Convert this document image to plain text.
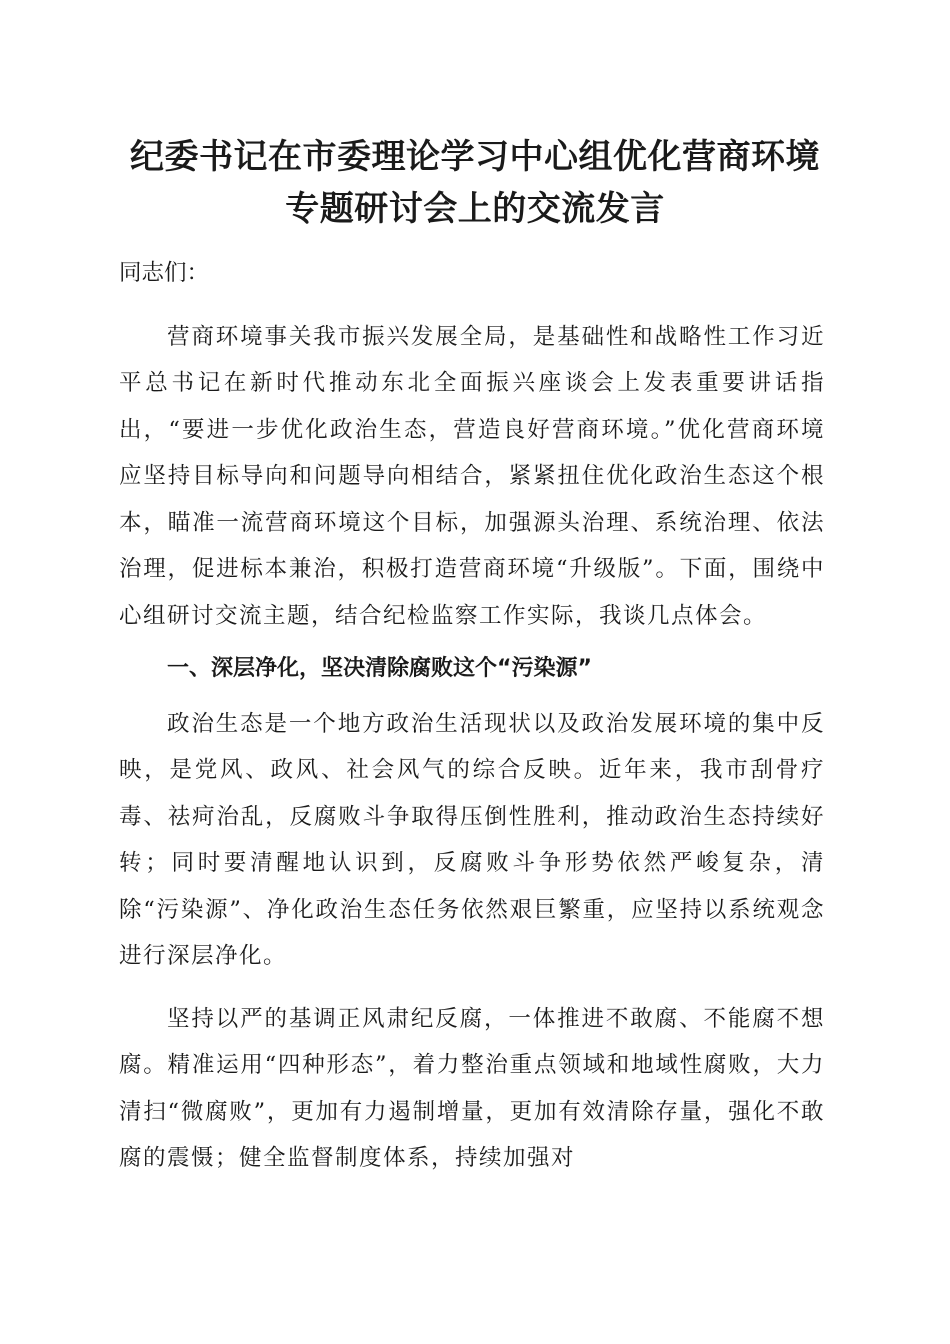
纪委书记在市委理论学习中心组优化营商环境
专题研讨会上的交流发言

同志们：

营商环境事关我市振兴发展全局，是基础性和战略性工作习近平总书记在新时代推动东北全面振兴座谈会上发表重要讲话指出，“要进一步优化政治生态，营造良好营商环境。”优化营商环境应坚持目标导向和问题导向相结合，紧紧扭住优化政治生态这个根本，瞄准一流营商环境这个目标，加强源头治理、系统治理、依法治理，促进标本兼治，积极打造营商环境“升级版”。下面，围绕中心组研讨交流主题，结合纪检监察工作实际，我谈几点体会。

一、深层净化，坚决清除腐败这个“污染源”

政治生态是一个地方政治生活现状以及政治发展环境的集中反映，是党风、政风、社会风气的综合反映。近年来，我市刮骨疗毒、祛疴治乱，反腐败斗争取得压倒性胜利，推动政治生态持续好转；同时要清醒地认识到，反腐败斗争形势依然严峻复杂，清除“污染源”、净化政治生态任务依然艰巨繁重，应坚持以系统观念进行深层净化。

坚持以严的基调正风肃纪反腐，一体推进不敢腐、不能腐不想腐。精准运用“四种形态”，着力整治重点领域和地域性腐败，大力清扫“微腐败”，更加有力遏制增量，更加有效清除存量，强化不敢腐的震慑；健全监督制度体系，持续加强对
